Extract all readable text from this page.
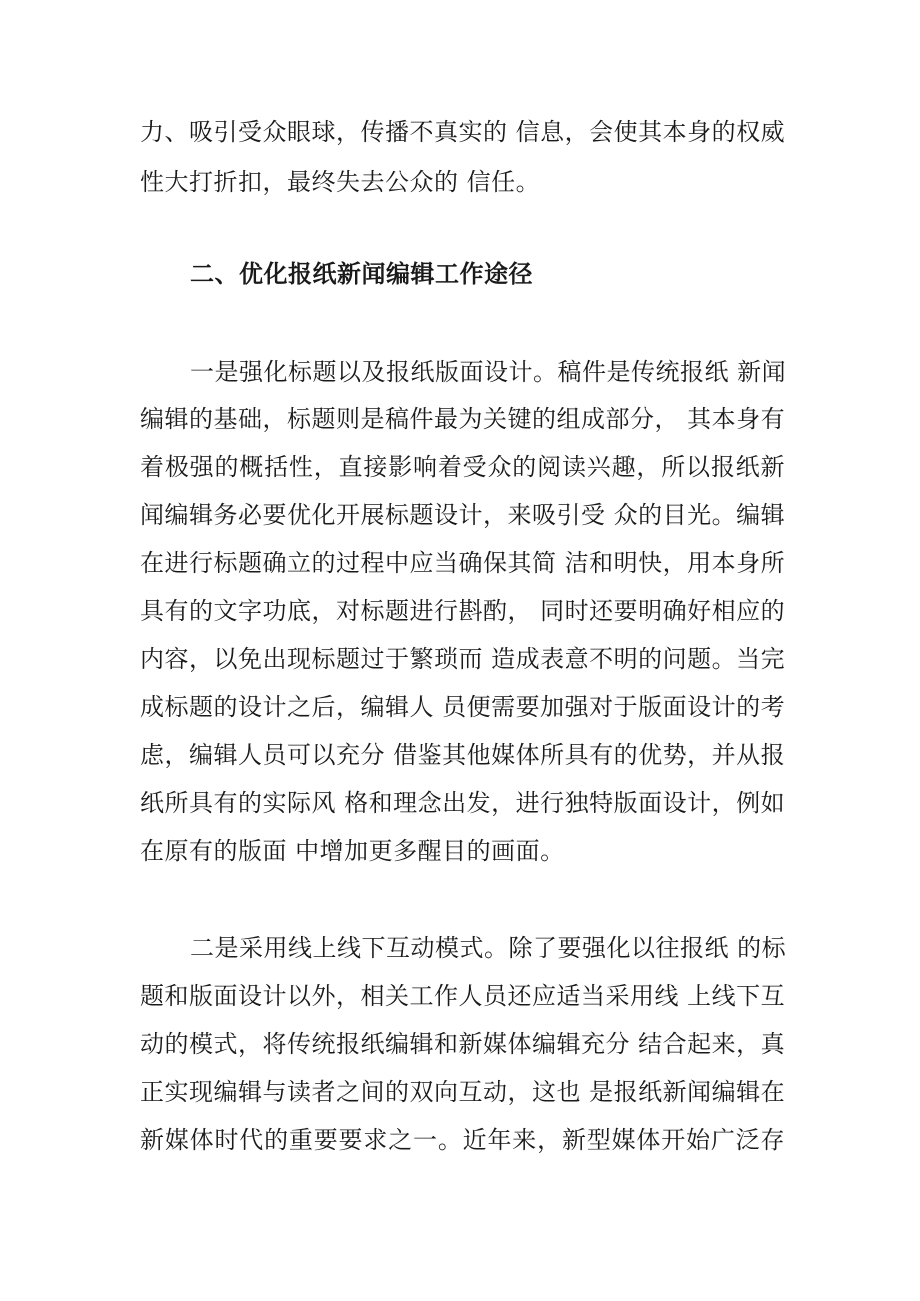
力、吸引受众眼球，传播不真实的 信息，会使其本身的权威
性大打折扣，最终失去公众的 信任。
二、优化报纸新闻编辑工作途径
一是强化标题以及报纸版面设计。稿件是传统报纸 新闻
编辑的基础，标题则是稿件最为关键的组成部分， 其本身有
着极强的概括性，直接影响着受众的阅读兴趣，所以报纸新
闻编辑务必要优化开展标题设计，来吸引受 众的目光。编辑
在进行标题确立的过程中应当确保其简 洁和明快，用本身所
具有的文字功底，对标题进行斟酌， 同时还要明确好相应的
内容，以免出现标题过于繁琐而 造成表意不明的问题。当完
成标题的设计之后，编辑人 员便需要加强对于版面设计的考
虑，编辑人员可以充分 借鉴其他媒体所具有的优势，并从报
纸所具有的实际风 格和理念出发，进行独特版面设计，例如
在原有的版面 中增加更多醒目的画面。
二是采用线上线下互动模式。除了要强化以往报纸 的标
题和版面设计以外，相关工作人员还应适当采用线 上线下互
动的模式，将传统报纸编辑和新媒体编辑充分 结合起来，真
正实现编辑与读者之间的双向互动，这也 是报纸新闻编辑在
新媒体时代的重要要求之一。近年来，新型媒体开始广泛存
